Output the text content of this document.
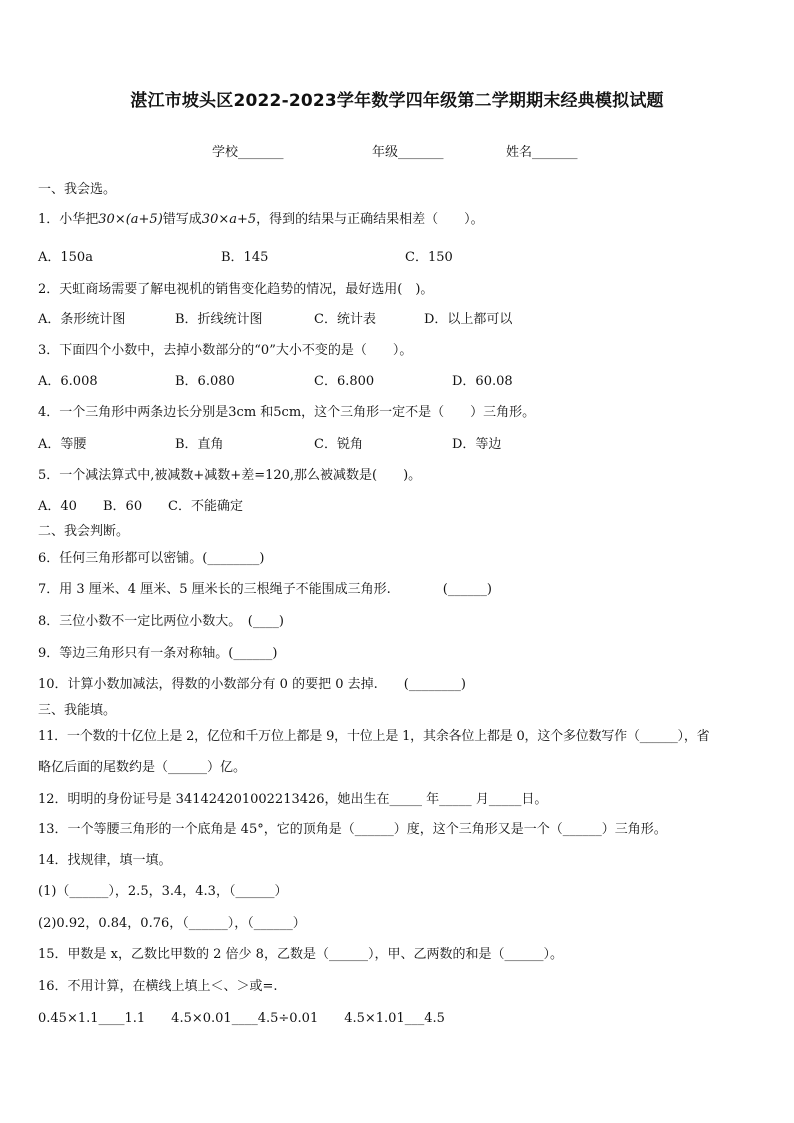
湛江市坡头区2022-2023学年数学四年级第二学期期末经典模拟试题
学校_______	年级_______	姓名_______
一、我会选。
1．小华把30×(a+5)错写成30×a+5，得到的结果与正确结果相差（　　）。
A．150a	B．145	C．150
2．天虹商场需要了解电视机的销售变化趋势的情况，最好选用(　)。
A．条形统计图	B．折线统计图	C．统计表	D．以上都可以
3．下面四个小数中，去掉小数部分的“0”大小不变的是（　　）。
A．6.008	B．6.080	C．6.800	D．60.08
4．一个三角形中两条边长分别是3cm 和5cm，这个三角形一定不是（　　）三角形。
A．等腰	B．直角	C．锐角	D．等边
5．一个减法算式中,被减数+减数+差=120,那么被减数是(　　)。
A．40 B．60 C．不能确定
二、我会判断。
6．任何三角形都可以密铺。(________)
7．用 3 厘米、4 厘米、5 厘米长的三根绳子不能围成三角形.　　　　(______)
8．三位小数不一定比两位小数大。　(____)
9．等边三角形只有一条对称轴。(______)
10．计算小数加减法，得数的小数部分有 0 的要把 0 去掉.　　(________)
三、我能填。
11．一个数的十亿位上是 2，亿位和千万位上都是 9，十位上是 1，其余各位上都是 0，这个多位数写作（______），省
略亿后面的尾数约是（______）亿。
12．明明的身份证号是 341424201002213426，她出生在_____ 年_____ 月_____日。
13．一个等腰三角形的一个底角是 45°，它的顶角是（______）度，这个三角形又是一个（______）三角形。
14．找规律，填一填。
(1)（______），2.5，3.4，4.3，（______）
(2)0.92，0.84，0.76，（______），（______）
15．甲数是 x，乙数比甲数的 2 倍少 8，乙数是（______），甲、乙两数的和是（______）。
16．不用计算，在横线上填上＜、＞或=.
0.45×1.1____1.1　　4.5×0.01____4.5÷0.01　　4.5×1.01___4.5
